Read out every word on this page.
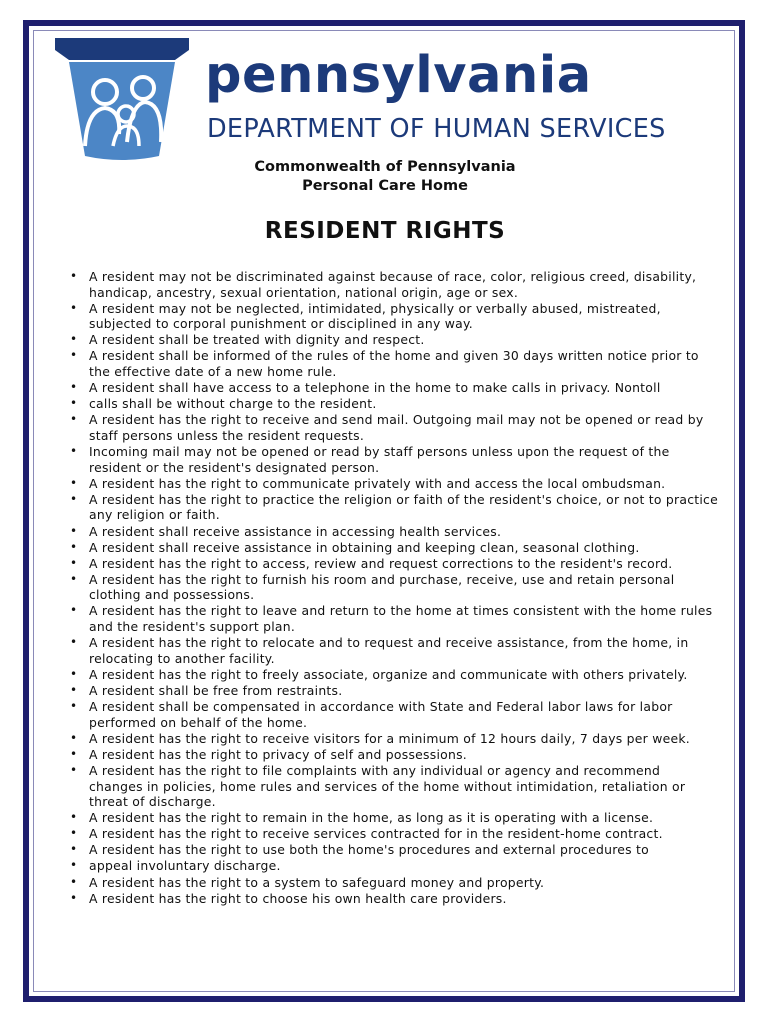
pennsylvania
DEPARTMENT OF HUMAN SERVICES
Commonwealth of Pennsylvania
Personal Care Home
RESIDENT RIGHTS
• A resident may not be discriminated against because of race, color, religious creed, disability, handicap, ancestry, sexual orientation, national origin, age or sex.
• A resident may not be neglected, intimidated, physically or verbally abused, mistreated, subjected to corporal punishment or disciplined in any way.
• A resident shall be treated with dignity and respect.
• A resident shall be informed of the rules of the home and given 30 days written notice prior to the effective date of a new home rule.
• A resident shall have access to a telephone in the home to make calls in privacy. Nontoll
• calls shall be without charge to the resident.
• A resident has the right to receive and send mail. Outgoing mail may not be opened or read by staff persons unless the resident requests.
• Incoming mail may not be opened or read by staff persons unless upon the request of the resident or the resident's designated person.
• A resident has the right to communicate privately with and access the local ombudsman.
• A resident has the right to practice the religion or faith of the resident's choice, or not to practice any religion or faith.
• A resident shall receive assistance in accessing health services.
• A resident shall receive assistance in obtaining and keeping clean, seasonal clothing.
• A resident has the right to access, review and request corrections to the resident's record.
• A resident has the right to furnish his room and purchase, receive, use and retain personal clothing and possessions.
• A resident has the right to leave and return to the home at times consistent with the home rules and the resident's support plan.
• A resident has the right to relocate and to request and receive assistance, from the home, in relocating to another facility.
• A resident has the right to freely associate, organize and communicate with others privately.
• A resident shall be free from restraints.
• A resident shall be compensated in accordance with State and Federal labor laws for labor performed on behalf of the home.
• A resident has the right to receive visitors for a minimum of 12 hours daily, 7 days per week.
• A resident has the right to privacy of self and possessions.
• A resident has the right to file complaints with any individual or agency and recommend changes in policies, home rules and services of the home without intimidation, retaliation or threat of discharge.
• A resident has the right to remain in the home, as long as it is operating with a license.
• A resident has the right to receive services contracted for in the resident-home contract.
• A resident has the right to use both the home's procedures and external procedures to
• appeal involuntary discharge.
• A resident has the right to a system to safeguard money and property.
• A resident has the right to choose his own health care providers.
